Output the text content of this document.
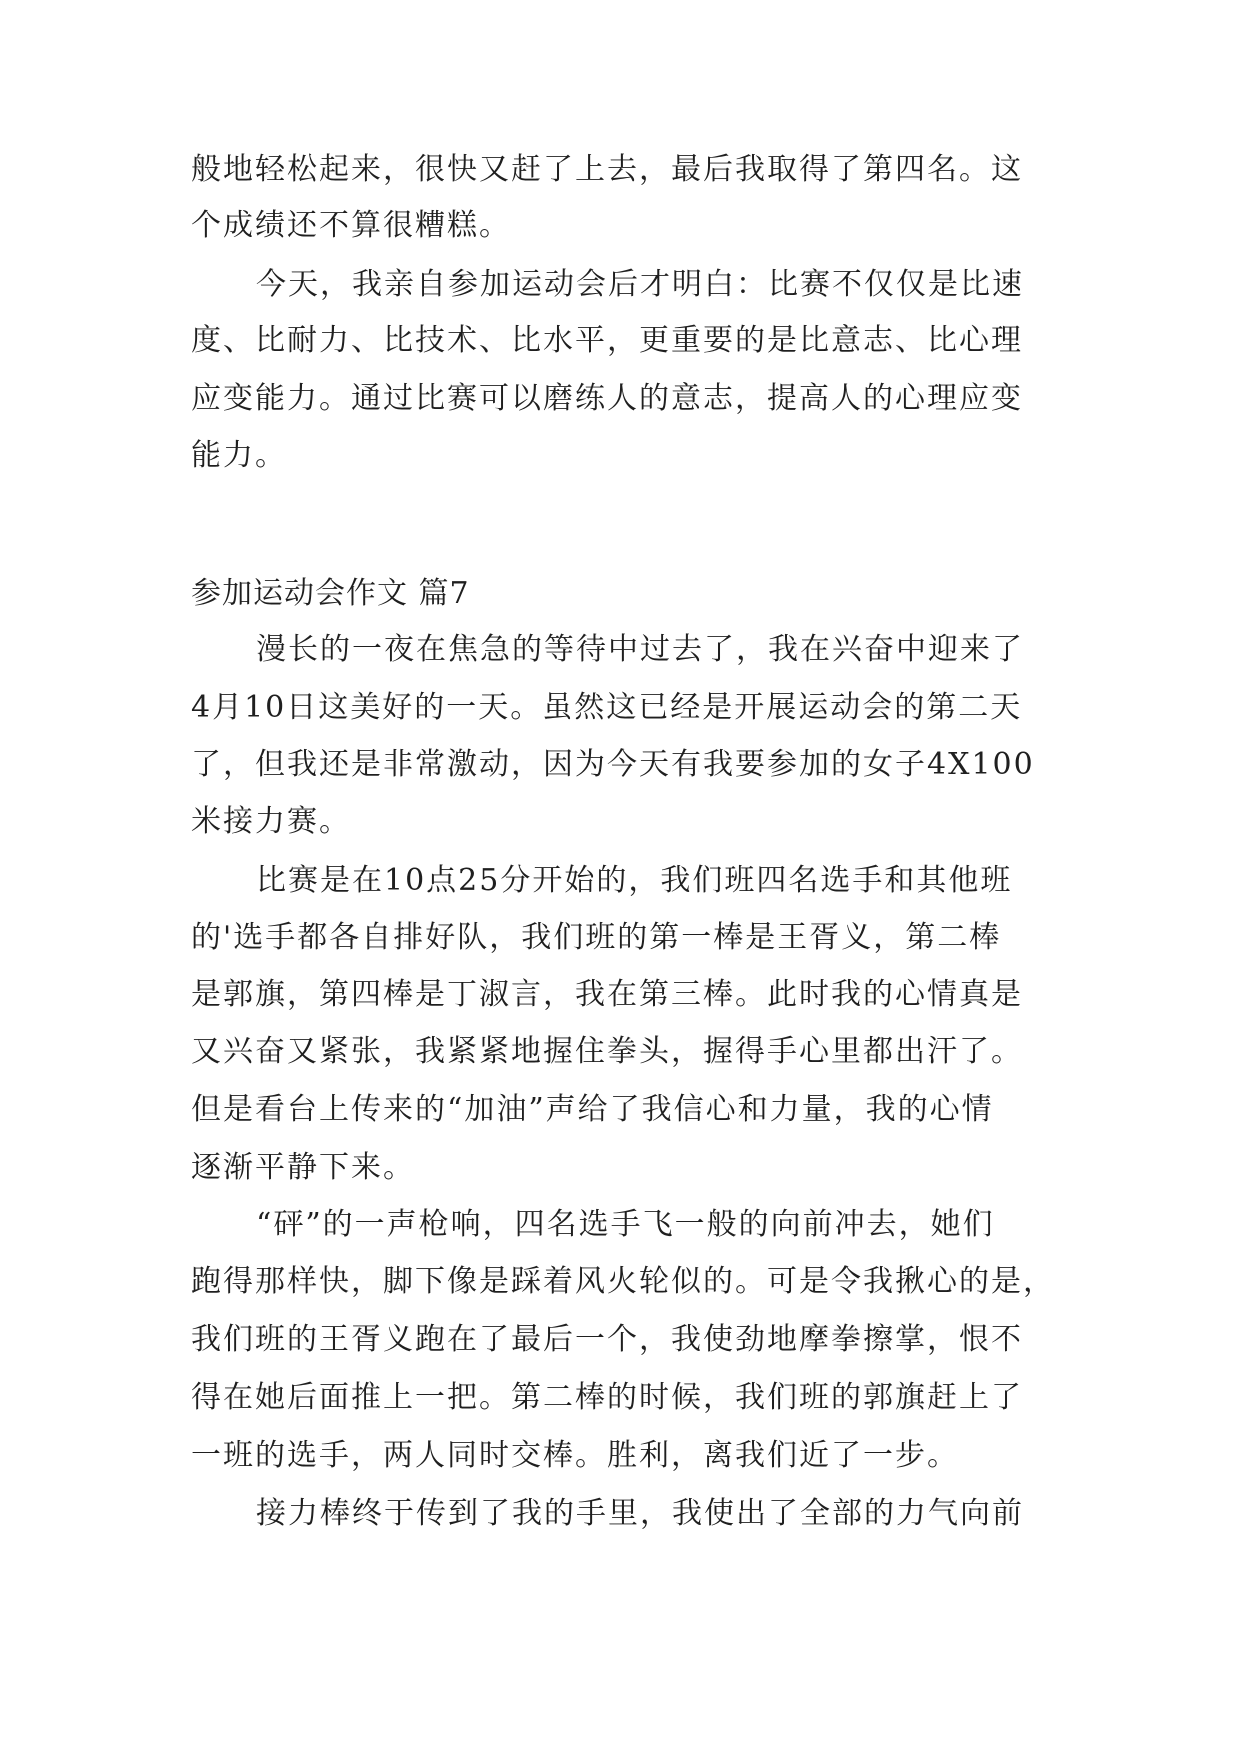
般地轻松起来，很快又赶了上去，最后我取得了第四名。这

个成绩还不算很糟糕。

今天，我亲自参加运动会后才明白：比赛不仅仅是比速

度、比耐力、比技术、比水平，更重要的是比意志、比心理

应变能力。通过比赛可以磨练人的意志，提高人的心理应变

能力。

参加运动会作文 篇7

漫长的一夜在焦急的等待中过去了，我在兴奋中迎来了

4月10日这美好的一天。虽然这已经是开展运动会的第二天

了，但我还是非常激动，因为今天有我要参加的女子4X100

米接力赛。

比赛是在10点25分开始的，我们班四名选手和其他班

的'选手都各自排好队，我们班的第一棒是王胥义，第二棒

是郭旗，第四棒是丁淑言，我在第三棒。此时我的心情真是

又兴奋又紧张，我紧紧地握住拳头，握得手心里都出汗了。

但是看台上传来的“加油”声给了我信心和力量，我的心情

逐渐平静下来。

“砰”的一声枪响，四名选手飞一般的向前冲去，她们

跑得那样快，脚下像是踩着风火轮似的。可是令我揪心的是，

我们班的王胥义跑在了最后一个，我使劲地摩拳擦掌，恨不

得在她后面推上一把。第二棒的时候，我们班的郭旗赶上了

一班的选手，两人同时交棒。胜利，离我们近了一步。

接力棒终于传到了我的手里，我使出了全部的力气向前
